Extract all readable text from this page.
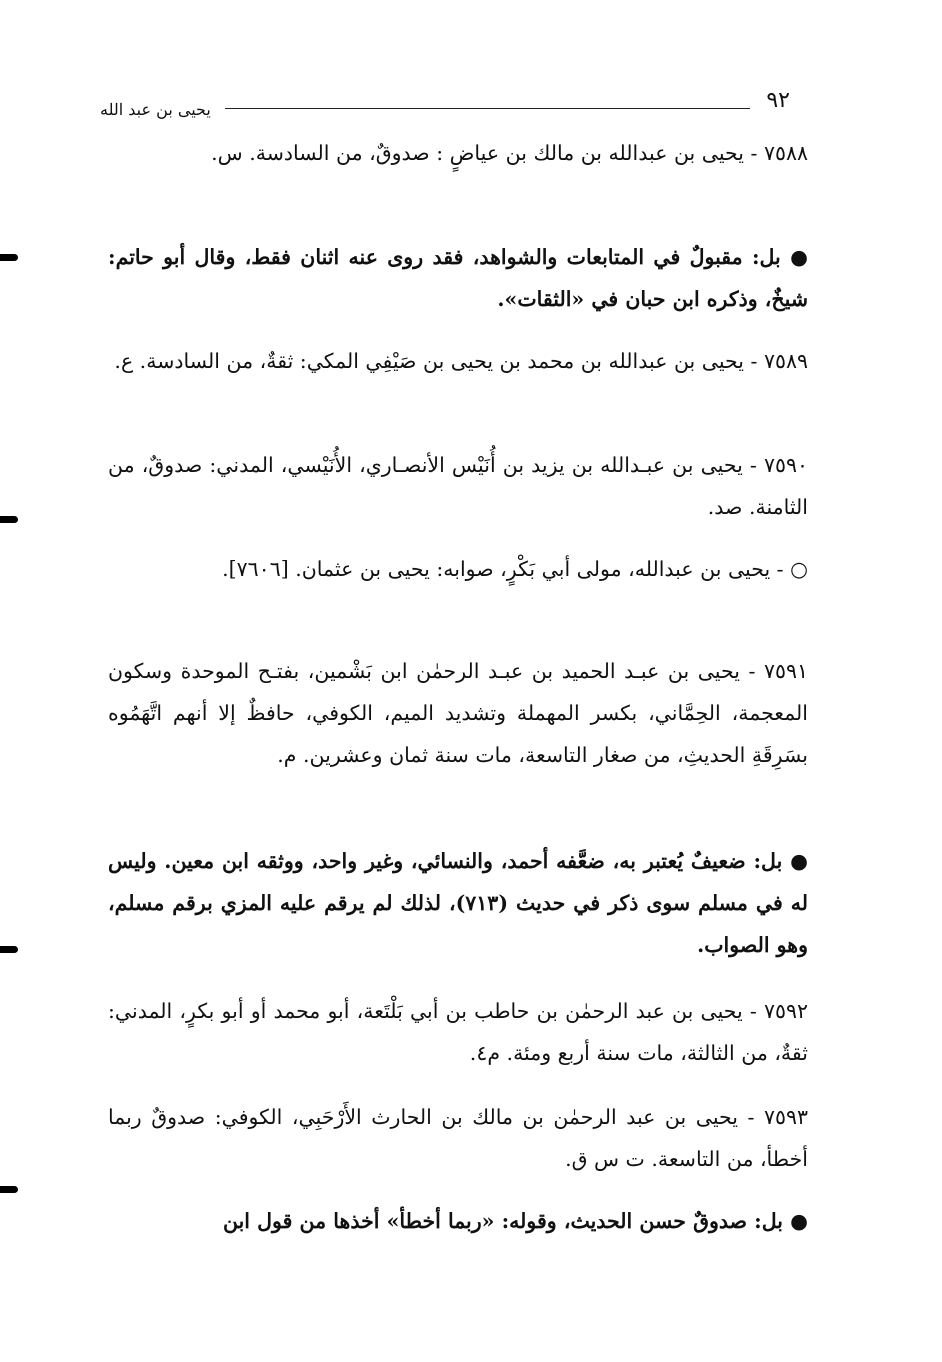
٩٢
يحيى بن عبد الله
٧٥٨٨ - يحيى بن عبدالله بن مالك بن عياضٍ : صدوقٌ، من السادسة. س.
● بل: مقبولٌ في المتابعات والشواهد، فقد روى عنه اثنان فقط، وقال أبو حاتم: شيخٌ، وذكره ابن حبان في «الثقات».
٧٥٨٩ - يحيى بن عبدالله بن محمد بن يحيى بن صَيْفِي المكي: ثقةٌ، من السادسة. ع.
٧٥٩٠ - يحيى بن عبـدالله بن يزيد بن أُنَيْس الأنصـاري، الأُنَيْسي، المدني: صدوقٌ، من الثامنة. صد.
○ - يحيى بن عبدالله، مولى أبي بَكْرٍ، صوابه: يحيى بن عثمان. [٧٦٠٦].
٧٥٩١ - يحيى بن عبـد الحميد بن عبـد الرحمٰن ابن بَشْمين، بفتـح الموحدة وسكون المعجمة، الحِمَّاني، بكسر المهملة وتشديد الميم، الكوفي، حافظٌ إلا أنهم اتَّهَمُوه بسَرِقَةِ الحديثِ، من صغار التاسعة، مات سنة ثمان وعشرين. م.
● بل: ضعيفٌ يُعتبر به، ضعَّفه أحمد، والنسائي، وغير واحد، ووثقه ابن معين. وليس له في مسلم سوى ذكر في حديث (٧١٣)، لذلك لم يرقم عليه المزي برقم مسلم، وهو الصواب.
٧٥٩٢ - يحيى بن عبد الرحمٰن بن حاطب بن أبي بَلْتَعة، أبو محمد أو أبو بكرٍ، المدني: ثقةٌ، من الثالثة، مات سنة أربع ومئة. م٤.
٧٥٩٣ - يحيى بن عبد الرحمٰن بن مالك بن الحارث الأَرْحَبِي، الكوفي: صدوقٌ ربما أخطأ، من التاسعة. ت س ق.
● بل: صدوقٌ حسن الحديث، وقوله: «ربما أخطأ» أخذها من قول ابن
